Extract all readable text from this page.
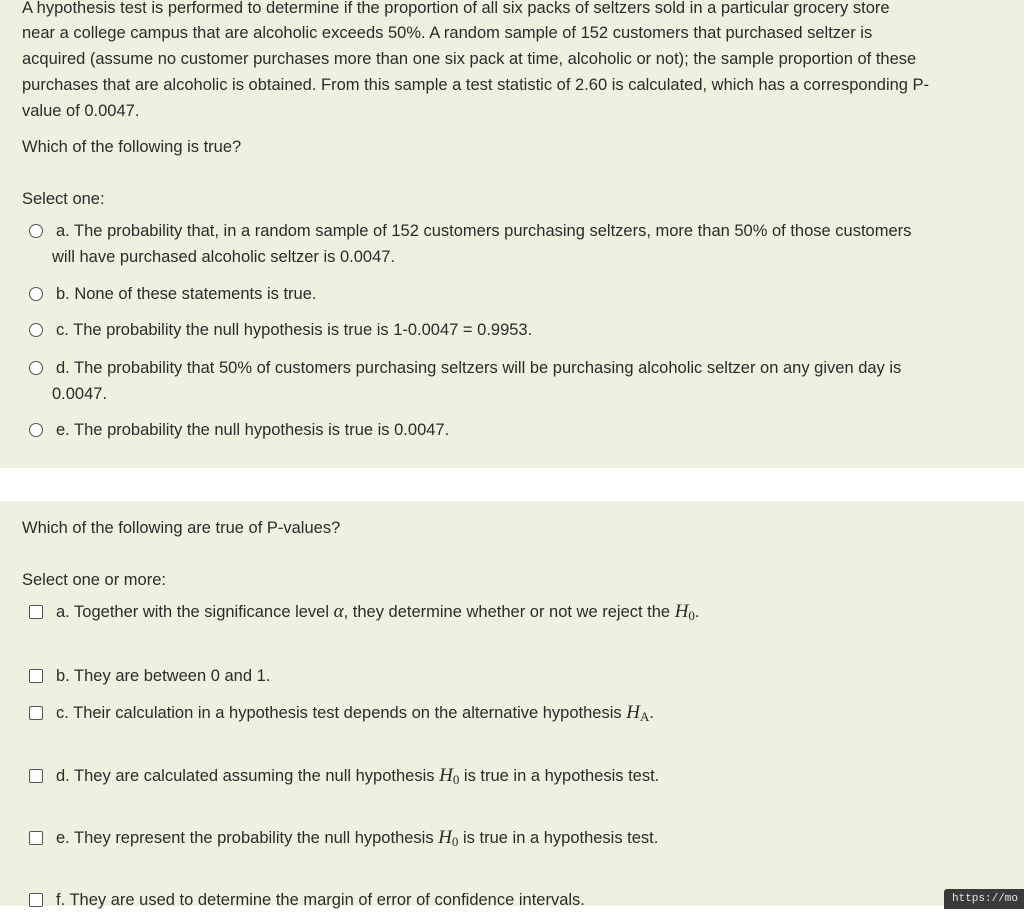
A hypothesis test is performed to determine if the proportion of all six packs of seltzers sold in a particular grocery store
near a college campus that are alcoholic exceeds 50%. A random sample of 152 customers that purchased seltzer is
acquired (assume no customer purchases more than one six pack at time, alcoholic or not); the sample proportion of these
purchases that are alcoholic is obtained. From this sample a test statistic of 2.60 is calculated, which has a corresponding P-
value of 0.0047.
Which of the following is true?
Select one:
a. The probability that, in a random sample of 152 customers purchasing seltzers, more than 50% of those customers
will have purchased alcoholic seltzer is 0.0047.
b. None of these statements is true.
c. The probability the null hypothesis is true is 1-0.0047 = 0.9953.
d. The probability that 50% of customers purchasing seltzers will be purchasing alcoholic seltzer on any given day is
0.0047.
e. The probability the null hypothesis is true is 0.0047.
Which of the following are true of P-values?
Select one or more:
a. Together with the significance level α, they determine whether or not we reject the $H_0$.
b. They are between 0 and 1.
c. Their calculation in a hypothesis test depends on the alternative hypothesis $H_A$.
d. They are calculated assuming the null hypothesis $H_0$ is true in a hypothesis test.
e. They represent the probability the null hypothesis $H_0$ is true in a hypothesis test.
f. They are used to determine the margin of error of confidence intervals.	https://mo
